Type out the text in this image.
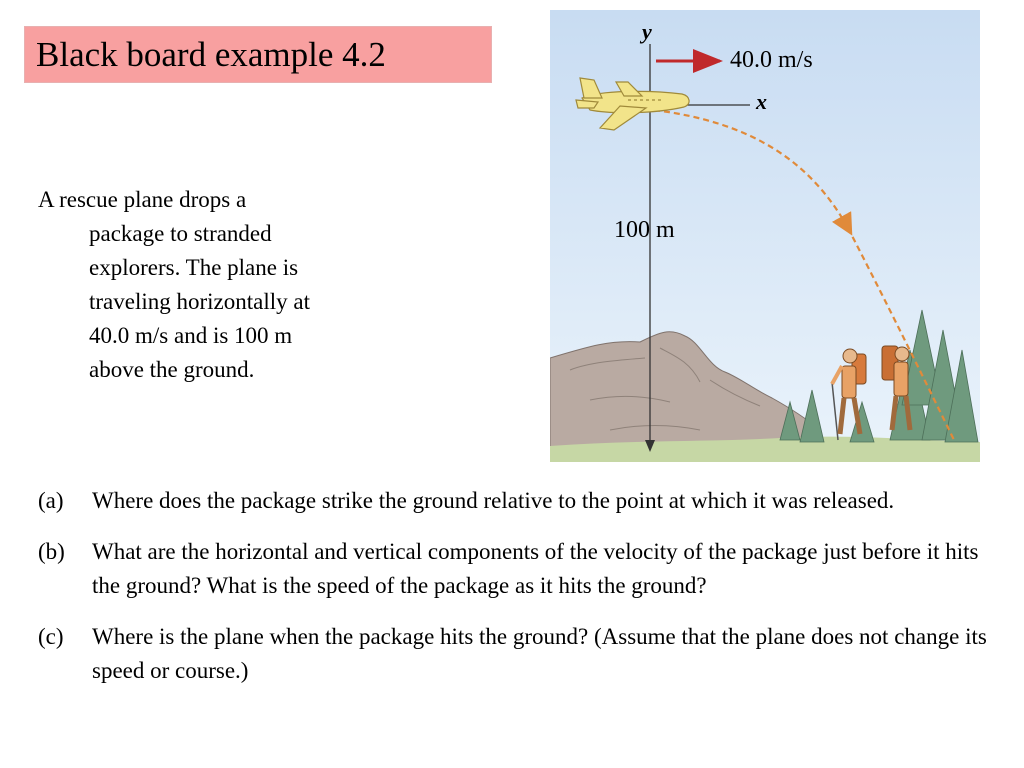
Black board example 4.2
A rescue plane drops a
package to stranded
explorers. The plane is
traveling horizontally at
40.0 m/s and is 100 m
above the ground.
y
x
40.0 m/s
100 m
(a) Where does the package strike the ground relative to the point at which it was released.
(b) What are the horizontal and vertical components of the velocity of the package just before it hits the ground? What is the speed of the package as it hits the ground?
(c) Where is the plane when the package hits the ground? (Assume that the plane does not change its speed or course.)
